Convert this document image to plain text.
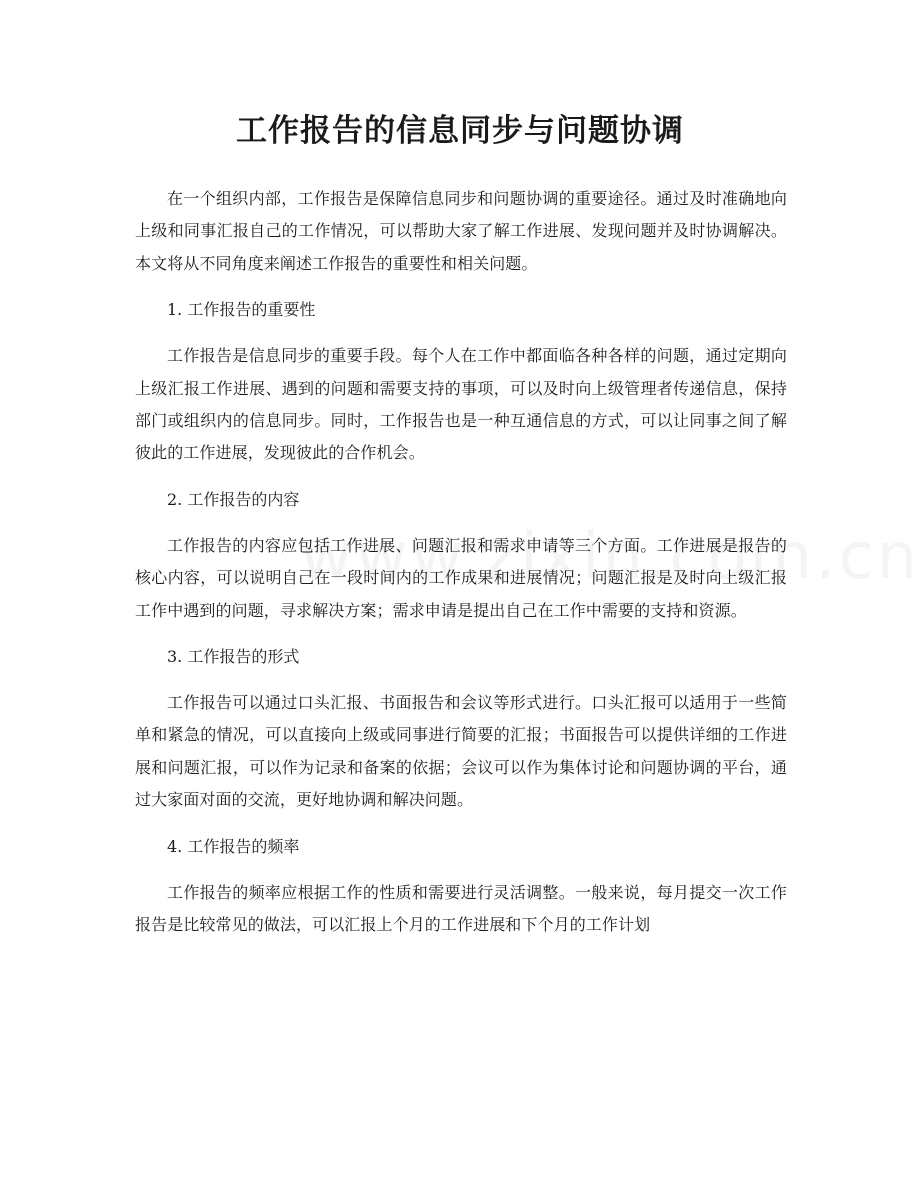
工作报告的信息同步与问题协调

在一个组织内部，工作报告是保障信息同步和问题协调的重要途径。通过及时准确地向上级和同事汇报自己的工作情况，可以帮助大家了解工作进展、发现问题并及时协调解决。本文将从不同角度来阐述工作报告的重要性和相关问题。

1. 工作报告的重要性

工作报告是信息同步的重要手段。每个人在工作中都面临各种各样的问题，通过定期向上级汇报工作进展、遇到的问题和需要支持的事项，可以及时向上级管理者传递信息，保持部门或组织内的信息同步。同时，工作报告也是一种互通信息的方式，可以让同事之间了解彼此的工作进展，发现彼此的合作机会。

2. 工作报告的内容

工作报告的内容应包括工作进展、问题汇报和需求申请等三个方面。工作进展是报告的核心内容，可以说明自己在一段时间内的工作成果和进展情况；问题汇报是及时向上级汇报工作中遇到的问题，寻求解决方案；需求申请是提出自己在工作中需要的支持和资源。

3. 工作报告的形式

工作报告可以通过口头汇报、书面报告和会议等形式进行。口头汇报可以适用于一些简单和紧急的情况，可以直接向上级或同事进行简要的汇报；书面报告可以提供详细的工作进展和问题汇报，可以作为记录和备案的依据；会议可以作为集体讨论和问题协调的平台，通过大家面对面的交流，更好地协调和解决问题。

4. 工作报告的频率

工作报告的频率应根据工作的性质和需要进行灵活调整。一般来说，每月提交一次工作报告是比较常见的做法，可以汇报上个月的工作进展和下个月的工作计划
